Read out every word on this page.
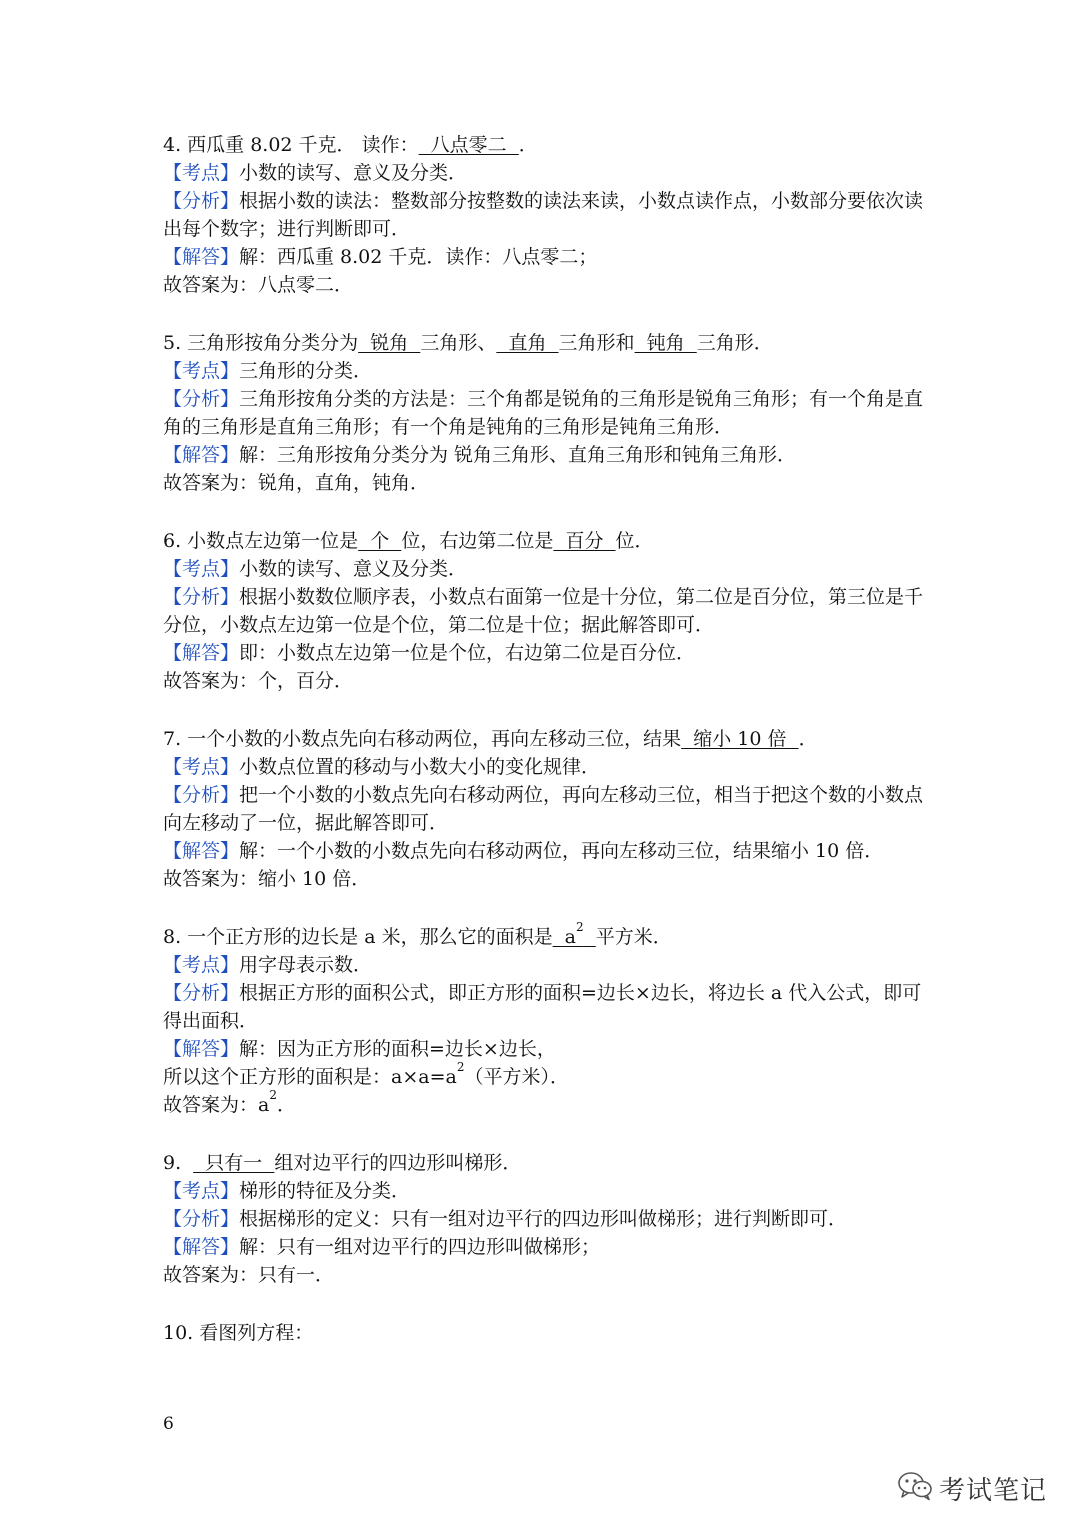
4. 西瓜重 8.02 千克． 读作：  八点零二  ．
【考点】小数的读写、意义及分类．
【分析】根据小数的读法：整数部分按整数的读法来读，小数点读作点，小数部分要依次读
出每个数字；进行判断即可．
【解答】解：西瓜重 8.02 千克．读作：八点零二；
故答案为：八点零二．
5. 三角形按角分类分为  锐角  三角形、  直角  三角形和  钝角  三角形．
【考点】三角形的分类．
【分析】三角形按角分类的方法是：三个角都是锐角的三角形是锐角三角形；有一个角是直
角的三角形是直角三角形；有一个角是钝角的三角形是钝角三角形．
【解答】解：三角形按角分类分为 锐角三角形、直角三角形和钝角三角形．
故答案为：锐角，直角，钝角．
6. 小数点左边第一位是  个  位，右边第二位是  百分  位．
【考点】小数的读写、意义及分类．
【分析】根据小数数位顺序表，小数点右面第一位是十分位，第二位是百分位，第三位是千
分位，小数点左边第一位是个位，第二位是十位；据此解答即可．
【解答】即：小数点左边第一位是个位，右边第二位是百分位．
故答案为：个，百分．
7. 一个小数的小数点先向右移动两位，再向左移动三位，结果  缩小 10 倍  ．
【考点】小数点位置的移动与小数大小的变化规律．
【分析】把一个小数的小数点先向右移动两位，再向左移动三位，相当于把这个数的小数点
向左移动了一位，据此解答即可．
【解答】解：一个小数的小数点先向右移动两位，再向左移动三位，结果缩小 10 倍．
故答案为：缩小 10 倍．
8. 一个正方形的边长是 a 米，那么它的面积是  $a^2$ 平方米．
【考点】用字母表示数．
【分析】根据正方形的面积公式，即正方形的面积=边长×边长，将边长 a 代入公式，即可
得出面积．
【解答】解：因为正方形的面积=边长×边长，
所以这个正方形的面积是：$a\times a=a^2$（平方米）．
故答案为：$a^2$．
9.    只有一  组对边平行的四边形叫梯形．
【考点】梯形的特征及分类．
【分析】根据梯形的定义：只有一组对边平行的四边形叫做梯形；进行判断即可．
【解答】解：只有一组对边平行的四边形叫做梯形；
故答案为：只有一．
10. 看图列方程：
6
考试笔记
